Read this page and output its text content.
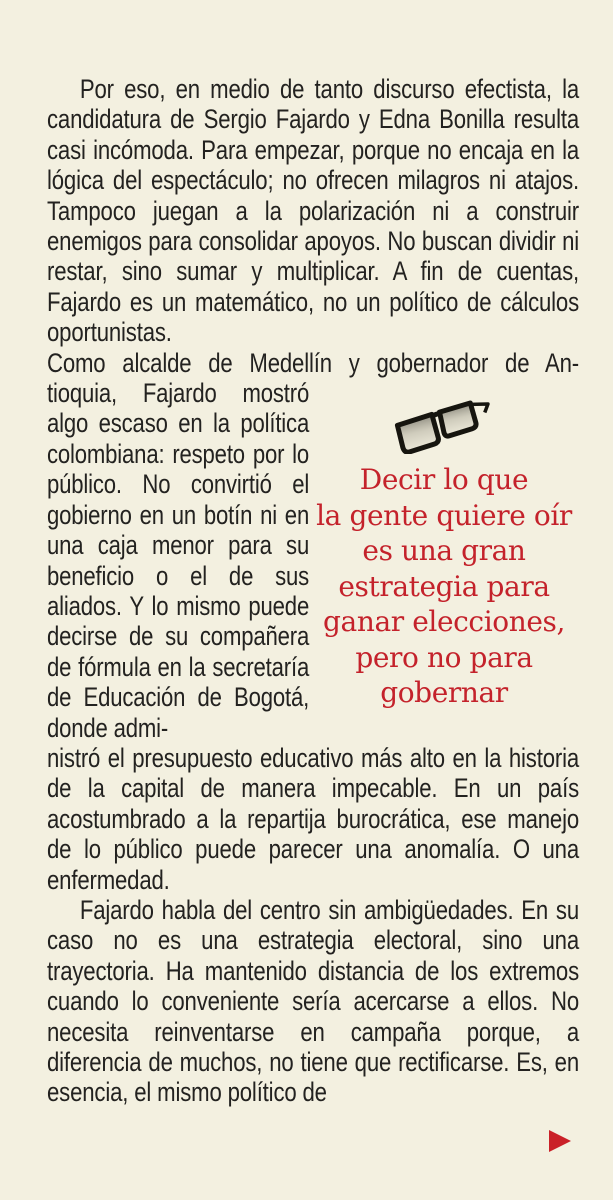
Por eso, en medio de tanto discurso efectista, la candidatura de Sergio Fajardo y Edna Bonilla resulta casi incómoda. Para empezar, porque no encaja en la lógica del espectáculo; no ofrecen milagros ni atajos. Tampoco juegan a la polarización ni a construir enemigos para consolidar apoyos. No buscan dividir ni restar, sino sumar y multiplicar. A fin de cuentas, Fajardo es un matemático, no un político de cálculos oportunistas.

Como alcalde de Medellín y gobernador de An-
tioquia, Fajardo mostró algo escaso en la política colombiana: respeto por lo público. No convirtió el gobierno en un botín ni en una caja menor para su beneficio o el de sus aliados. Y lo mismo puede decirse de su compañera de fórmula en la secretaría de Educación de Bogotá, donde admi-
Decir lo que
la gente quiere oír
es una gran
estrategia para
ganar elecciones,
pero no para
gobernar
nistró el presupuesto educativo más alto en la historia de la capital de manera impecable. En un país acostumbrado a la repartija burocrática, ese manejo de lo público puede parecer una anomalía. O una enfermedad.

Fajardo habla del centro sin ambigüedades. En su caso no es una estrategia electoral, sino una trayectoria. Ha mantenido distancia de los extremos cuando lo conveniente sería acercarse a ellos. No necesita reinventarse en campaña porque, a diferencia de muchos, no tiene que rectificarse. Es, en esencia, el mismo político de
